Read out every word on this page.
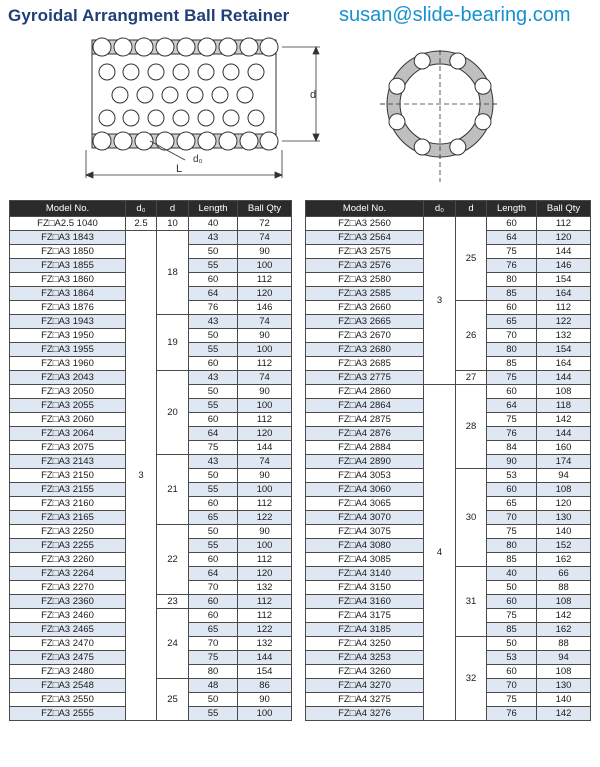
Gyroidal Arrangment Ball Retainer susan@slide-bearing.com
d
d₀
L
Model No.	d₀	d	Length	Ball Qty
FZ□A2.5 1040	2.5	10	40	72
FZ□A3 1843	3	18	43	74
FZ□A3 1850			50	90
FZ□A3 1855			55	100
FZ□A3 1860			60	112
FZ□A3 1864			64	120
FZ□A3 1876			76	146
FZ□A3 1943		19	43	74
FZ□A3 1950			50	90
FZ□A3 1955			55	100
FZ□A3 1960			60	112
FZ□A3 2043		20	43	74
FZ□A3 2050			50	90
FZ□A3 2055			55	100
FZ□A3 2060			60	112
FZ□A3 2064			64	120
FZ□A3 2075			75	144
FZ□A3 2143		21	43	74
FZ□A3 2150			50	90
FZ□A3 2155			55	100
FZ□A3 2160			60	112
FZ□A3 2165			65	122
FZ□A3 2250		22	50	90
FZ□A3 2255			55	100
FZ□A3 2260			60	112
FZ□A3 2264			64	120
FZ□A3 2270			70	132
FZ□A3 2360		23	60	112
FZ□A3 2460		24	60	112
FZ□A3 2465			65	122
FZ□A3 2470			70	132
FZ□A3 2475			75	144
FZ□A3 2480			80	154
FZ□A3 2548		25	48	86
FZ□A3 2550			50	90
FZ□A3 2555			55	100
Model No.	d₀	d	Length	Ball Qty
FZ□A3 2560	3	25	60	112
FZ□A3 2564			64	120
FZ□A3 2575			75	144
FZ□A3 2576			76	146
FZ□A3 2580			80	154
FZ□A3 2585			85	164
FZ□A3 2660		26	60	112
FZ□A3 2665			65	122
FZ□A3 2670			70	132
FZ□A3 2680			80	154
FZ□A3 2685			85	164
FZ□A3 2775		27	75	144
FZ□A4 2860	4	28	60	108
FZ□A4 2864			64	118
FZ□A4 2875			75	142
FZ□A4 2876			76	144
FZ□A4 2884			84	160
FZ□A4 2890			90	174
FZ□A4 3053		30	53	94
FZ□A4 3060			60	108
FZ□A4 3065			65	120
FZ□A4 3070			70	130
FZ□A4 3075			75	140
FZ□A4 3080			80	152
FZ□A4 3085			85	162
FZ□A4 3140		31	40	66
FZ□A4 3150			50	88
FZ□A4 3160			60	108
FZ□A4 3175			75	142
FZ□A4 3185			85	162
FZ□A4 3250		32	50	88
FZ□A4 3253			53	94
FZ□A4 3260			60	108
FZ□A4 3270			70	130
FZ□A4 3275			75	140
FZ□A4 3276			76	142
